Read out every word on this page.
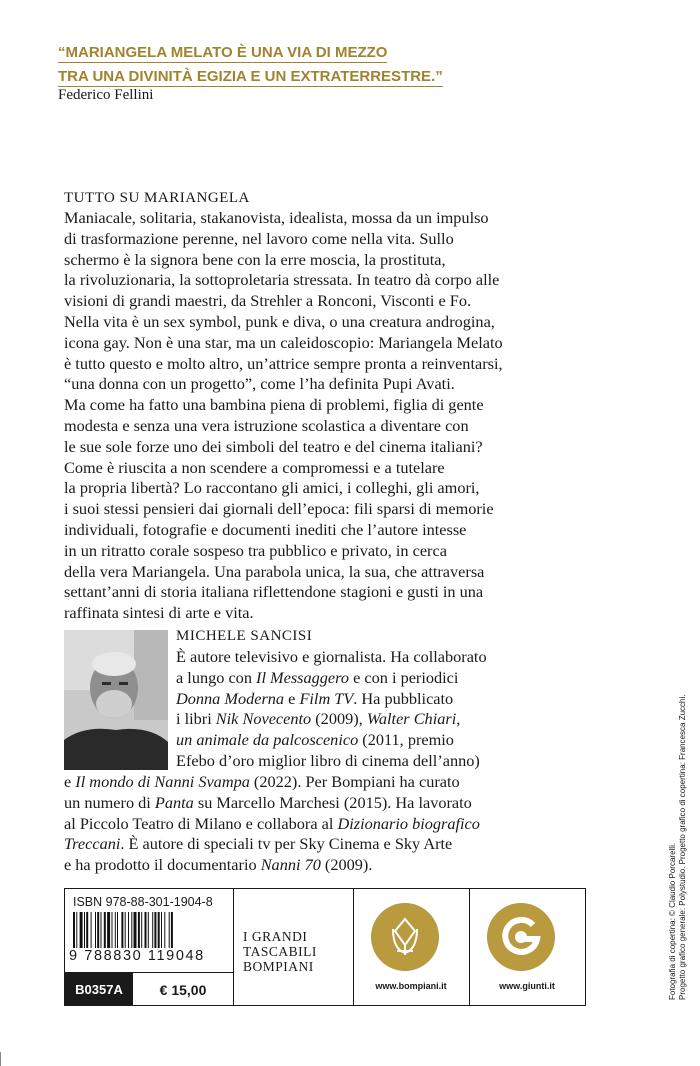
“MARIANGELA MELATO È UNA VIA DI MEZZO
TRA UNA DIVINITÀ EGIZIA E UN EXTRATERRESTRE.”
Federico Fellini
TUTTO SU MARIANGELA
Maniacale, solitaria, stakanovista, idealista, mossa da un impulso
di trasformazione perenne, nel lavoro come nella vita. Sullo
schermo è la signora bene con la erre moscia, la prostituta,
la rivoluzionaria, la sottoproletaria stressata. In teatro dà corpo alle
visioni di grandi maestri, da Strehler a Ronconi, Visconti e Fo.
Nella vita è un sex symbol, punk e diva, o una creatura androgina,
icona gay. Non è una star, ma un caleidoscopio: Mariangela Melato
è tutto questo e molto altro, un’attrice sempre pronta a reinventarsi,
“una donna con un progetto”, come l’ha definita Pupi Avati.
Ma come ha fatto una bambina piena di problemi, figlia di gente
modesta e senza una vera istruzione scolastica a diventare con
le sue sole forze uno dei simboli del teatro e del cinema italiani?
Come è riuscita a non scendere a compromessi e a tutelare
la propria libertà? Lo raccontano gli amici, i colleghi, gli amori,
i suoi stessi pensieri dai giornali dell’epoca: fili sparsi di memorie
individuali, fotografie e documenti inediti che l’autore intesse
in un ritratto corale sospeso tra pubblico e privato, in cerca
della vera Mariangela. Una parabola unica, la sua, che attraversa
settant’anni di storia italiana riflettendone stagioni e gusti in una
raffinata sintesi di arte e vita.
MICHELE SANCISI
È autore televisivo e giornalista. Ha collaborato
a lungo con Il Messaggero e con i periodici
Donna Moderna e Film TV. Ha pubblicato
i libri Nik Novecento (2009), Walter Chiari,
un animale da palcoscenico (2011, premio
Efebo d’oro miglior libro di cinema dell’anno)
e Il mondo di Nanni Svampa (2022). Per Bompiani ha curato
un numero di Panta su Marcello Marchesi (2015). Ha lavorato
al Piccolo Teatro di Milano e collabora al Dizionario biografico
Treccani. È autore di speciali tv per Sky Cinema e Sky Arte
e ha prodotto il documentario Nanni 70 (2009).
ISBN 978-88-301-1904-8
9 788830 119048
B0357A	€ 15,00
I GRANDI
TASCABILI
BOMPIANI
www.bompiani.it	www.giunti.it	Fotografia di copertina: © Claudio Porcarelli. Progetto grafico generale: Polystudio. Progetto grafico di copertina: Francesca Zucchi.
